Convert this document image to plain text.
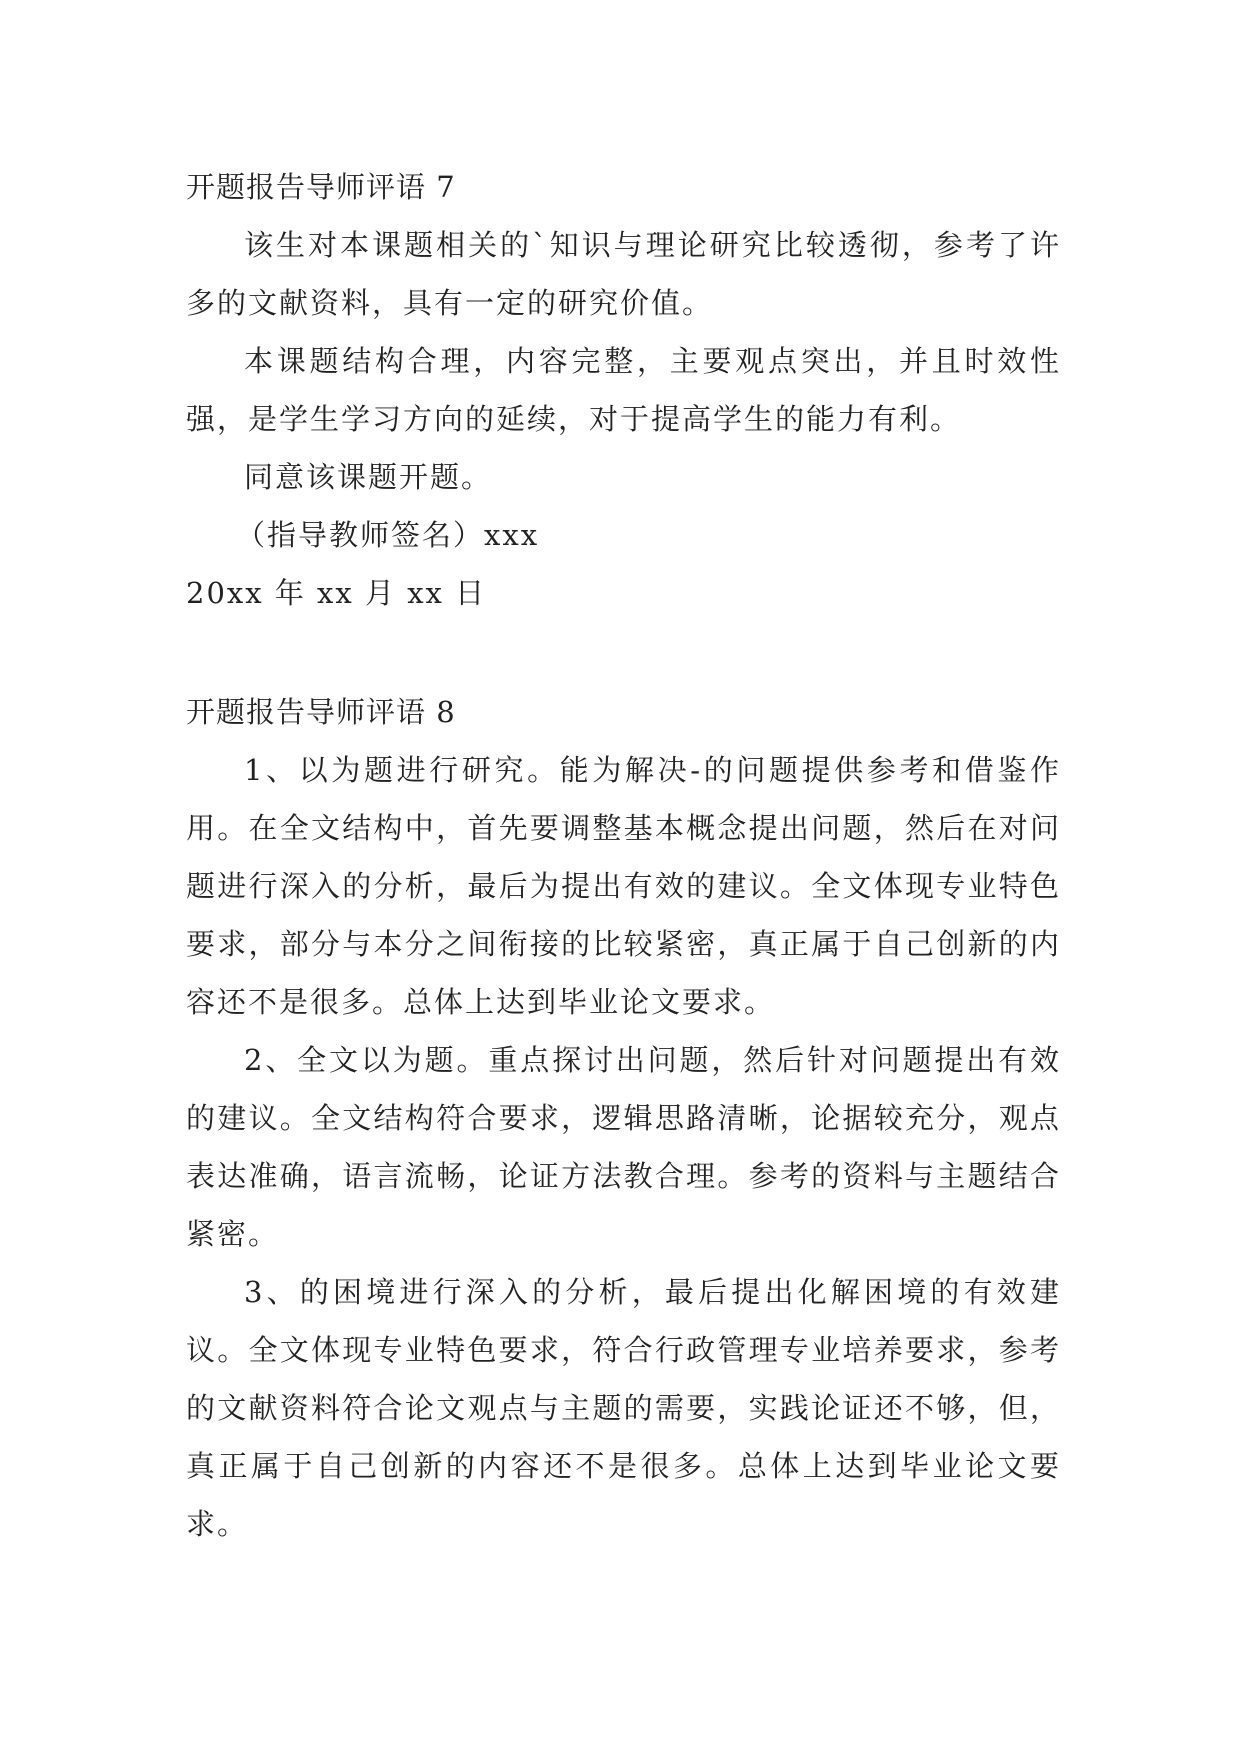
开题报告导师评语 7

该生对本课题相关的`知识与理论研究比较透彻，参考了许多的文献资料，具有一定的研究价值。

本课题结构合理，内容完整，主要观点突出，并且时效性强，是学生学习方向的延续，对于提高学生的能力有利。

同意该课题开题。
（指导教师签名）xxx
20xx 年 xx 月 xx 日
开题报告导师评语 8

1、以为题进行研究。能为解决-的问题提供参考和借鉴作用。在全文结构中，首先要调整基本概念提出问题，然后在对问题进行深入的分析，最后为提出有效的建议。全文体现专业特色要求，部分与本分之间衔接的比较紧密，真正属于自己创新的内容还不是很多。总体上达到毕业论文要求。

2、全文以为题。重点探讨出问题，然后针对问题提出有效的建议。全文结构符合要求，逻辑思路清晰，论据较充分，观点表达准确，语言流畅，论证方法教合理。参考的资料与主题结合紧密。

3、的困境进行深入的分析，最后提出化解困境的有效建议。全文体现专业特色要求，符合行政管理专业培养要求，参考的文献资料符合论文观点与主题的需要，实践论证还不够，但，真正属于自己创新的内容还不是很多。总体上达到毕业论文要求。
